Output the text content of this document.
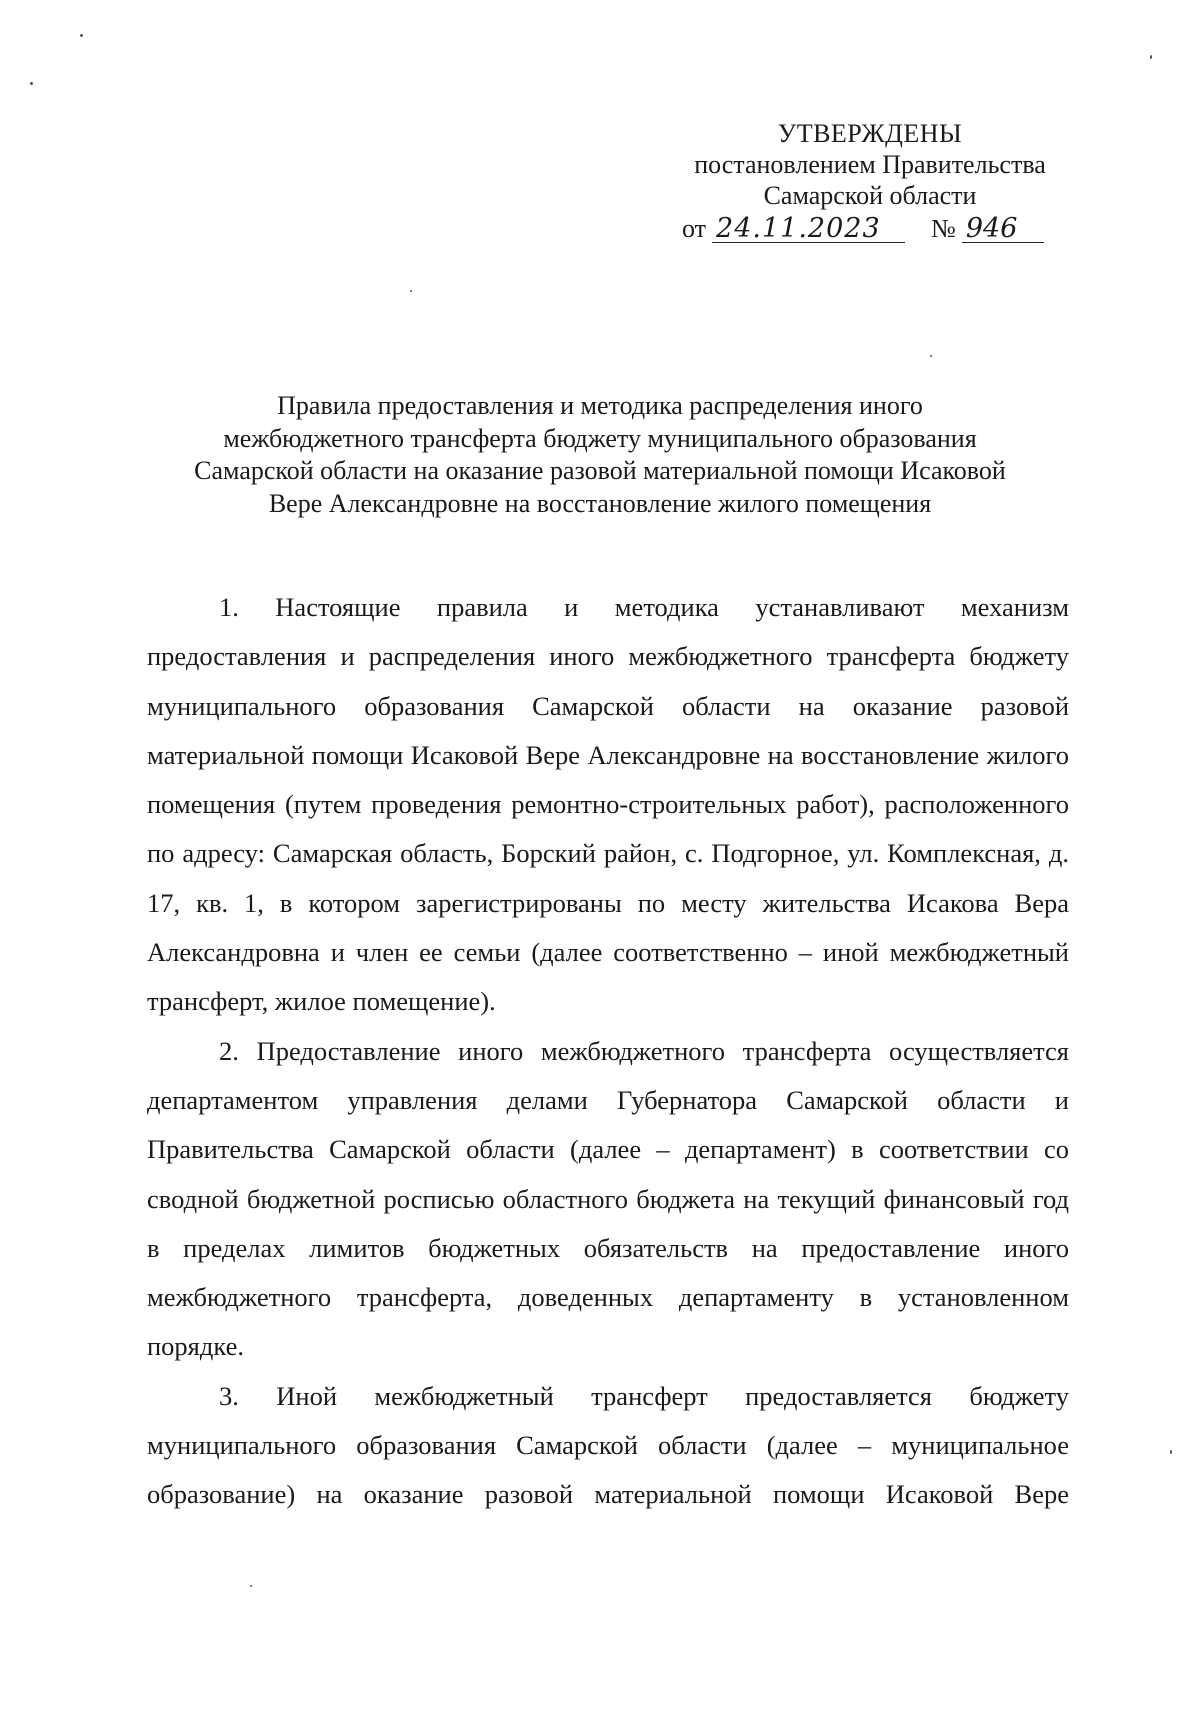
УТВЕРЖДЕНЫ
постановлением Правительства
Самарской области
от 24.11.2023	№ 946
Правила предоставления и методика распределения иного
межбюджетного трансферта бюджету муниципального образования
Самарской области на оказание разовой материальной помощи Исаковой
Вере Александровне на восстановление жилого помещения

1. Настоящие правила и методика устанавливают механизм предоставления и распределения иного межбюджетного трансферта бюджету муниципального образования Самарской области на оказание разовой материальной помощи Исаковой Вере Александровне на восстановление жилого помещения (путем проведения ремонтно-строительных работ), расположенного по адресу: Самарская область, Борский район, с. Подгорное, ул. Комплексная, д. 17, кв. 1, в котором зарегистрированы по месту жительства Исакова Вера Александровна и член ее семьи (далее соответственно – иной межбюджетный трансферт, жилое помещение).

2. Предоставление иного межбюджетного трансферта осуществляется департаментом управления делами Губернатора Самарской области и Правительства Самарской области (далее – департамент) в соответствии со сводной бюджетной росписью областного бюджета на текущий финансовый год в пределах лимитов бюджетных обязательств на предоставление иного межбюджетного трансферта, доведенных департаменту в установленном порядке.

3. Иной межбюджетный трансферт предоставляется бюджету муниципального образования Самарской области (далее – муниципальное образование) на оказание разовой материальной помощи Исаковой Вере
